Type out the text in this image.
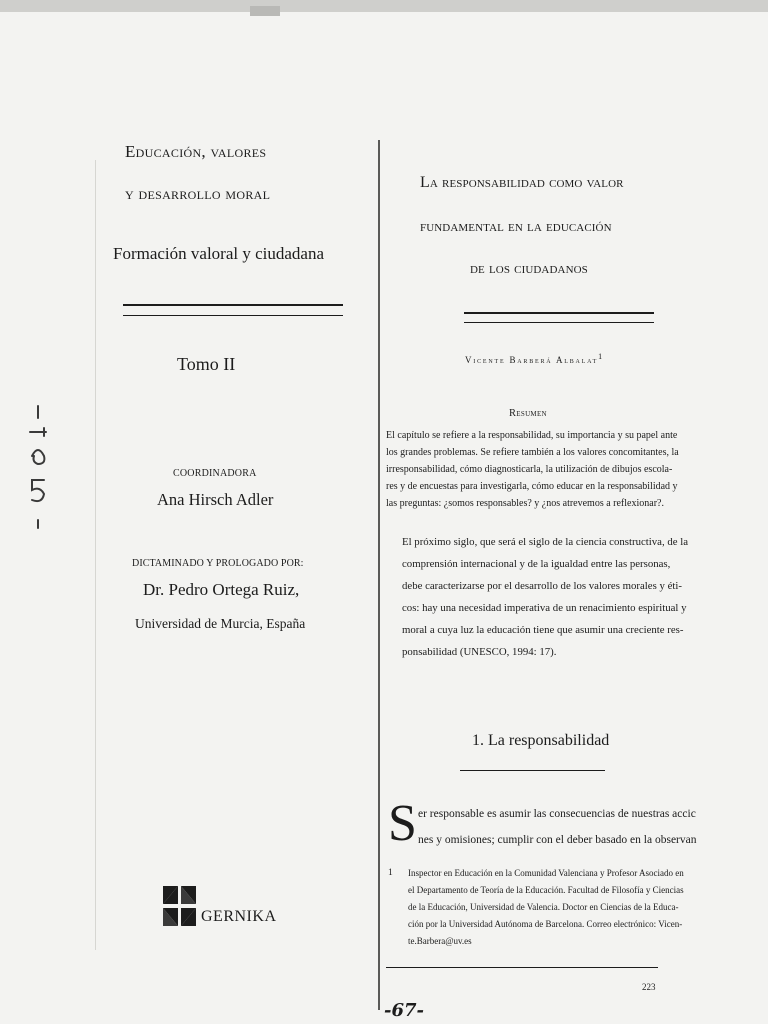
Educación, valores
y desarrollo moral
Formación valoral y ciudadana
Tomo II
COORDINADORA
Ana Hirsch Adler
DICTAMINADO Y PROLOGADO POR:
Dr. Pedro Ortega Ruiz,
Universidad de Murcia, España
GERNIKA
La responsabilidad como valor
fundamental en la educación
de los ciudadanos
Vicente Barberá Albalat$^1$
Resumen
El capítulo se refiere a la responsabilidad, su importancia y su papel ante
los grandes problemas. Se refiere también a los valores concomitantes, la
irresponsabilidad, cómo diagnosticarla, la utilización de dibujos escola-
res y de encuestas para investigarla, cómo educar en la responsabilidad y
las preguntas: ¿somos responsables? y ¿nos atrevemos a reflexionar?.
El próximo siglo, que será el siglo de la ciencia constructiva, de la
comprensión internacional y de la igualdad entre las personas,
debe caracterizarse por el desarrollo de los valores morales y éti-
cos: hay una necesidad imperativa de un renacimiento espiritual y
moral a cuya luz la educación tiene que asumir una creciente res-
ponsabilidad (UNESCO, 1994: 17).
1. La responsabilidad
S er responsable es asumir las consecuencias de nuestras accic
nes y omisiones; cumplir con el deber basado en la observan
1 Inspector en Educación en la Comunidad Valenciana y Profesor Asociado en
el Departamento de Teoría de la Educación. Facultad de Filosofía y Ciencias
de la Educación, Universidad de Valencia. Doctor en Ciencias de la Educa-
ción por la Universidad Autónoma de Barcelona. Correo electrónico: Vicen-
te.Barbera@uv.es
223
-67-
